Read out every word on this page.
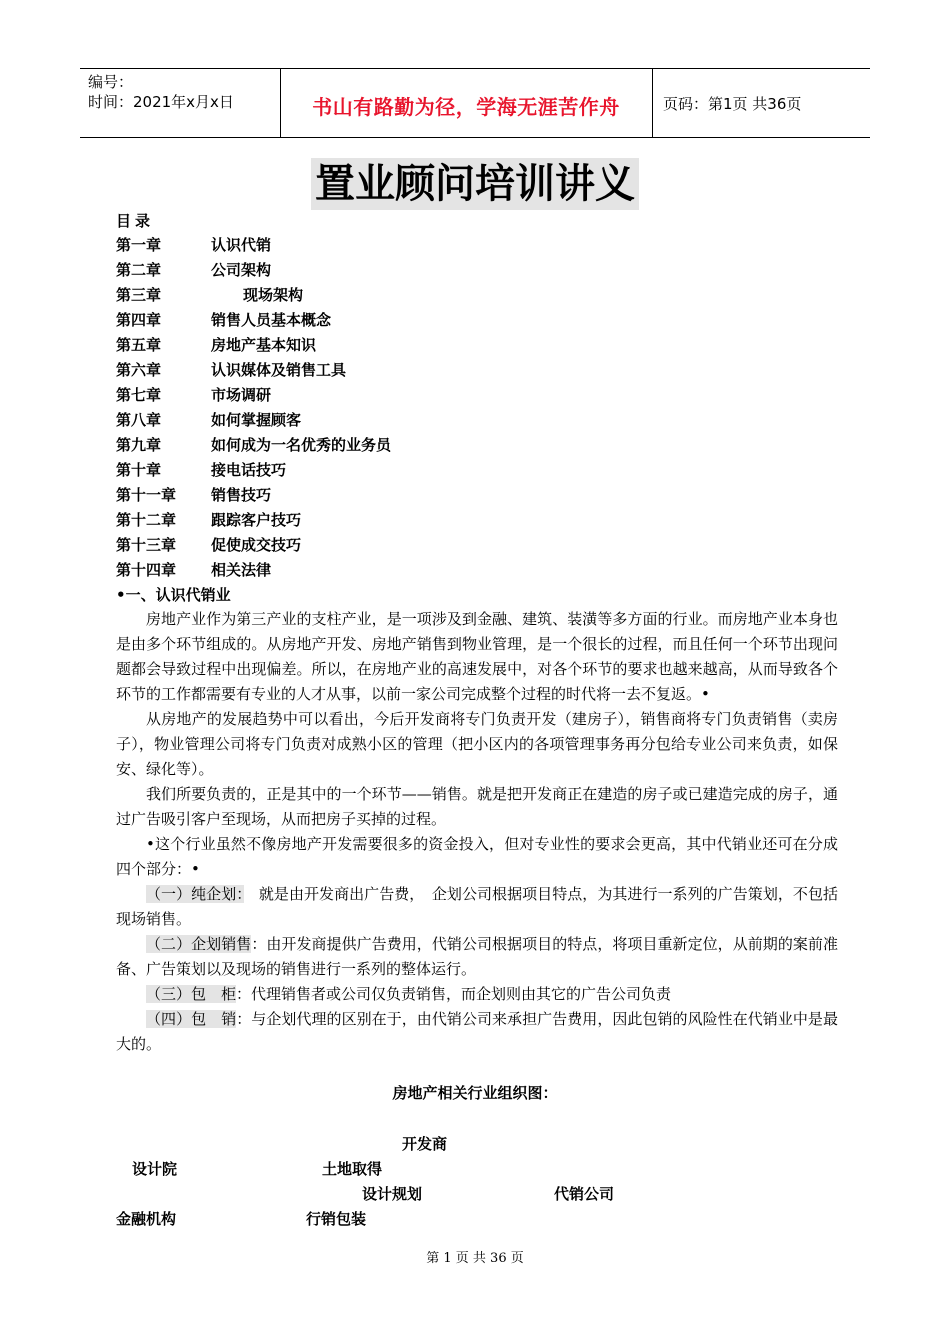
编号：
时间：2021年x月x日	书山有路勤为径，学海无涯苦作舟	页码：第1页 共36页
置业顾问培训讲义
目录
第一章	认识代销
第二章	公司架构
第三章	现场架构
第四章	销售人员基本概念
第五章	房地产基本知识
第六章	认识媒体及销售工具
第七章	市场调研
第八章	如何掌握顾客
第九章	如何成为一名优秀的业务员
第十章	接电话技巧
第十一章 销售技巧
第十二章 跟踪客户技巧
第十三章 促使成交技巧
第十四章 相关法律
•一、认识代销业

房地产业作为第三产业的支柱产业，是一项涉及到金融、建筑、装潢等多方面的行业。而房地产业本身也是由多个环节组成的。从房地产开发、房地产销售到物业管理，是一个很长的过程，而且任何一个环节出现问题都会导致过程中出现偏差。所以，在房地产业的高速发展中，对各个环节的要求也越来越高，从而导致各个环节的工作都需要有专业的人才从事，以前一家公司完成整个过程的时代将一去不复返。•

从房地产的发展趋势中可以看出，今后开发商将专门负责开发（建房子），销售商将专门负责销售（卖房子），物业管理公司将专门负责对成熟小区的管理（把小区内的各项管理事务再分包给专业公司来负责，如保安、绿化等）。

我们所要负责的，正是其中的一个环节——销售。就是把开发商正在建造的房子或已建造完成的房子，通过广告吸引客户至现场，从而把房子买掉的过程。

•这个行业虽然不像房地产开发需要很多的资金投入，但对专业性的要求会更高，其中代销业还可在分成四个部分：•

（一）纯企划：　就是由开发商出广告费，　企划公司根据项目特点，为其进行一系列的广告策划，不包括现场销售。

（二）企划销售：由开发商提供广告费用，代销公司根据项目的特点，将项目重新定位，从前期的案前准备、广告策划以及现场的销售进行一系列的整体运行。

（三）包　柜：代理销售者或公司仅负责销售，而企划则由其它的广告公司负责

（四）包　销：与企划代理的区别在于，由代销公司来承担广告费用，因此包销的风险性在代销业中是最大的。

房地产相关行业组织图：
开发商
设计院	土地取得
设计规划	代销公司
金融机构	行销包装
第 1 页 共 36 页
